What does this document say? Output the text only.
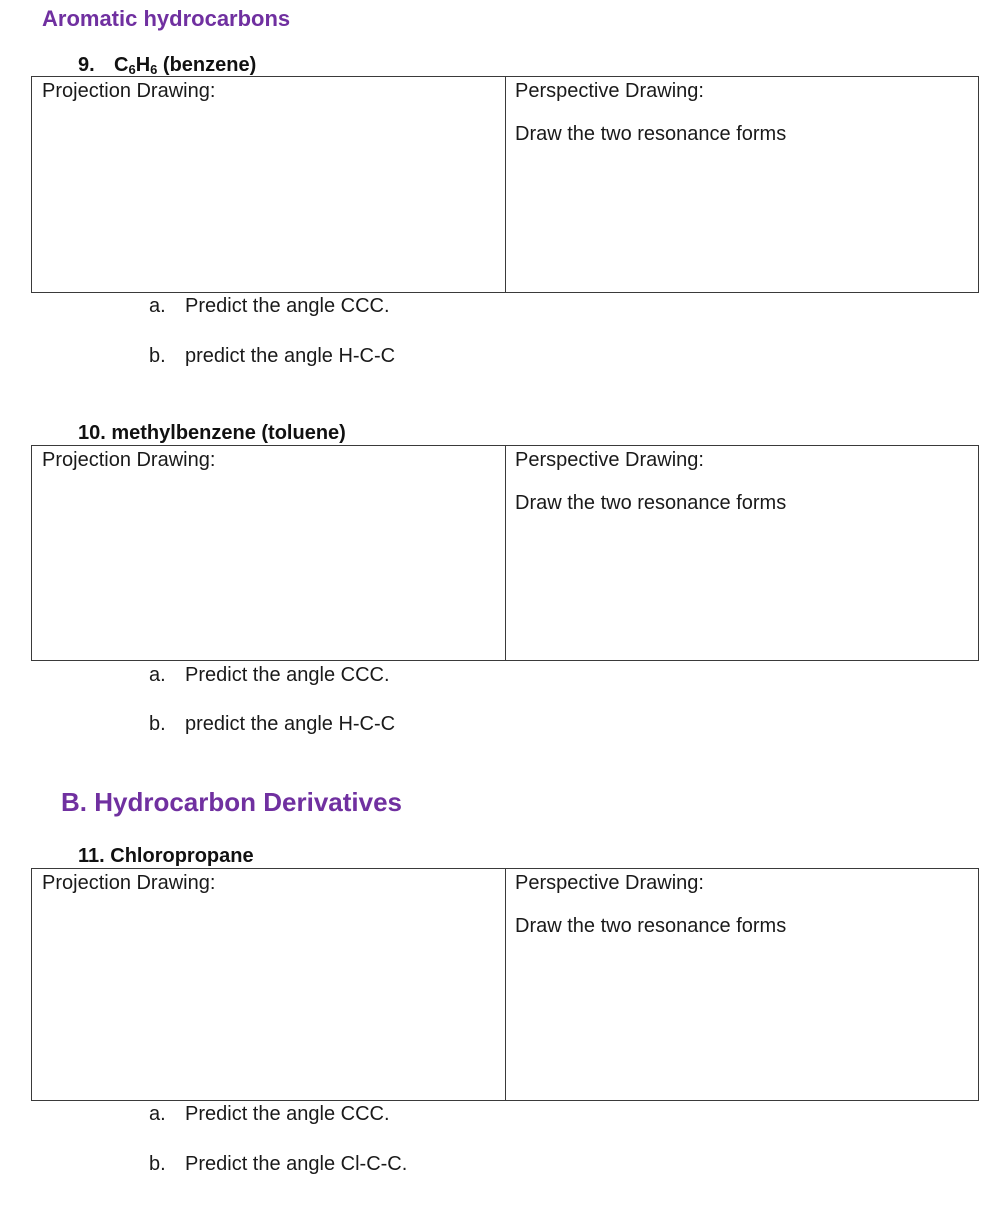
Aromatic hydrocarbons
9. $C_6H_6$ (benzene)
Projection Drawing:	Perspective Drawing:
Draw the two resonance forms
a. Predict the angle CCC.
b. predict the angle H-C-C
10. methylbenzene (toluene)
Projection Drawing:	Perspective Drawing:
Draw the two resonance forms
a. Predict the angle CCC.
b. predict the angle H-C-C
B. Hydrocarbon Derivatives
11. Chloropropane
Projection Drawing:	Perspective Drawing:
Draw the two resonance forms
a. Predict the angle CCC.
b. Predict the angle Cl-C-C.
